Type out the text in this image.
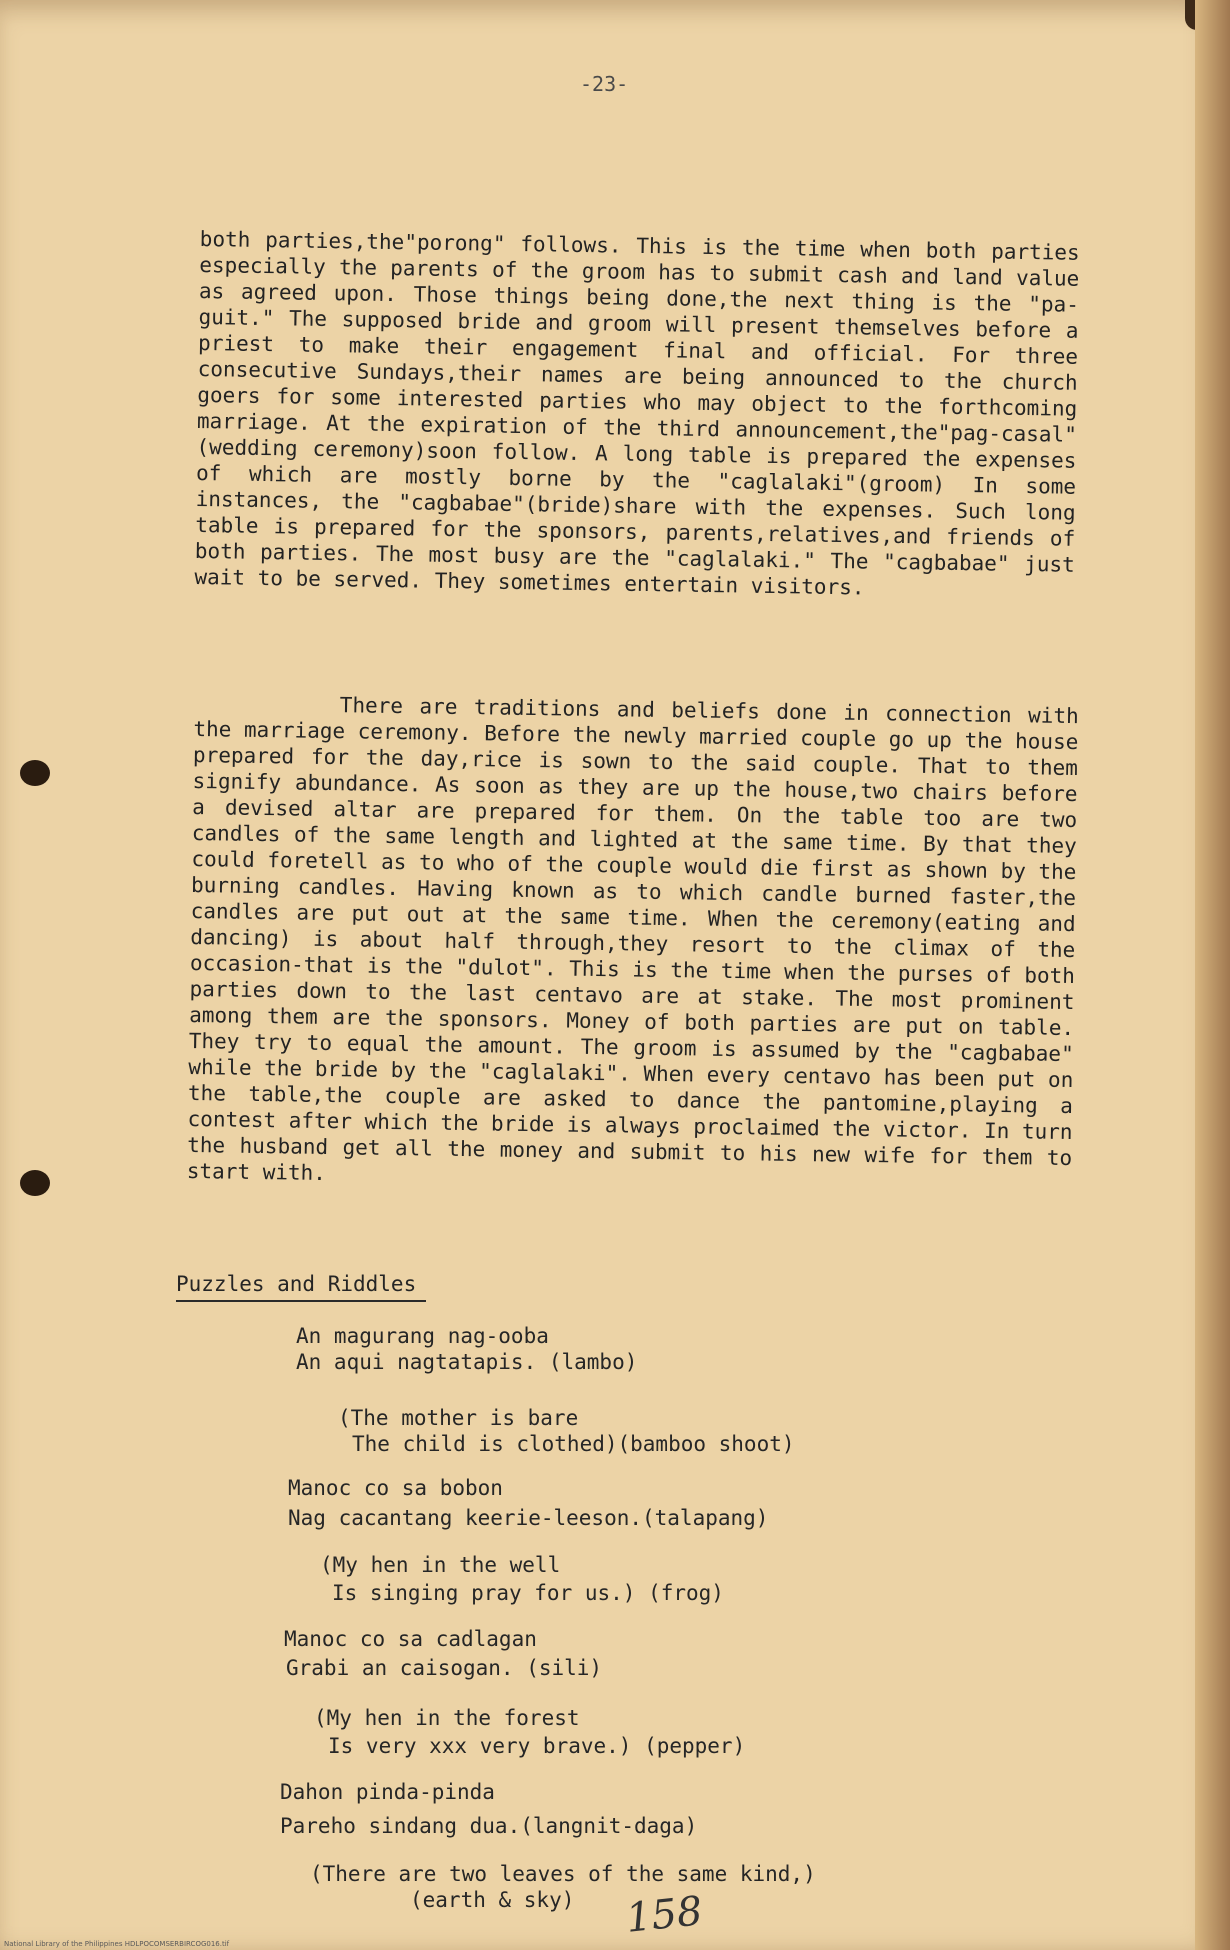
-23-

both parties,the"porong" follows. This is the time when both parties especially the parents of the groom has to submit cash and land value as agreed upon. Those things being done,the next thing is the "pa-guit." The supposed bride and groom will present themselves before a priest to make their engagement final and official. For three consecutive Sundays,their names are being announced to the church goers for some interested parties who may object to the forthcoming marriage. At the expiration of the third announcement,the"pag-casal"(wedding ceremony)soon follow. A long table is prepared the expenses of which are mostly borne by the "caglalaki"(groom) In some instances, the "cagbabae"(bride)share with the expenses. Such long table is prepared for the sponsors, parents,relatives,and friends of both parties. The most busy are the "caglalaki." The "cagbabae" just wait to be served. They sometimes entertain visitors.

There are traditions and beliefs done in connection with the marriage ceremony. Before the newly married couple go up the house prepared for the day,rice is sown to the said couple. That to them signify abundance. As soon as they are up the house,two chairs before a devised altar are prepared for them. On the table too are two candles of the same length and lighted at the same time. By that they could foretell as to who of the couple would die first as shown by the burning candles. Having known as to which candle burned faster,the candles are put out at the same time. When the ceremony(eating and dancing) is about half through,they resort to the climax of the occasion-that is the "dulot". This is the time when the purses of both parties down to the last centavo are at stake. The most prominent among them are the sponsors. Money of both parties are put on table. They try to equal the amount. The groom is assumed by the "cagbabae" while the bride by the "caglalaki". When every centavo has been put on the table,the couple are asked to dance the pantomine,playing a contest after which the bride is always proclaimed the victor. In turn the husband get all the money and submit to his new wife for them to start with.

Puzzles and Riddles
An magurang nag-ooba
An aqui nagtatapis. (lambo)
(The mother is bare
The child is clothed)(bamboo shoot)
Manoc co sa bobon
Nag cacantang keerie-leeson.(talapang)
(My hen in the well
Is singing pray for us.) (frog)
Manoc co sa cadlagan
Grabi an caisogan. (sili)
(My hen in the forest
Is very xxx very brave.) (pepper)
Dahon pinda-pinda
Pareho sindang dua.(langnit-daga)
(There are two leaves of the same kind,)
(earth & sky) 158
National Library of the Philippines HDLPOCOMSERBIRCOG016.tif
